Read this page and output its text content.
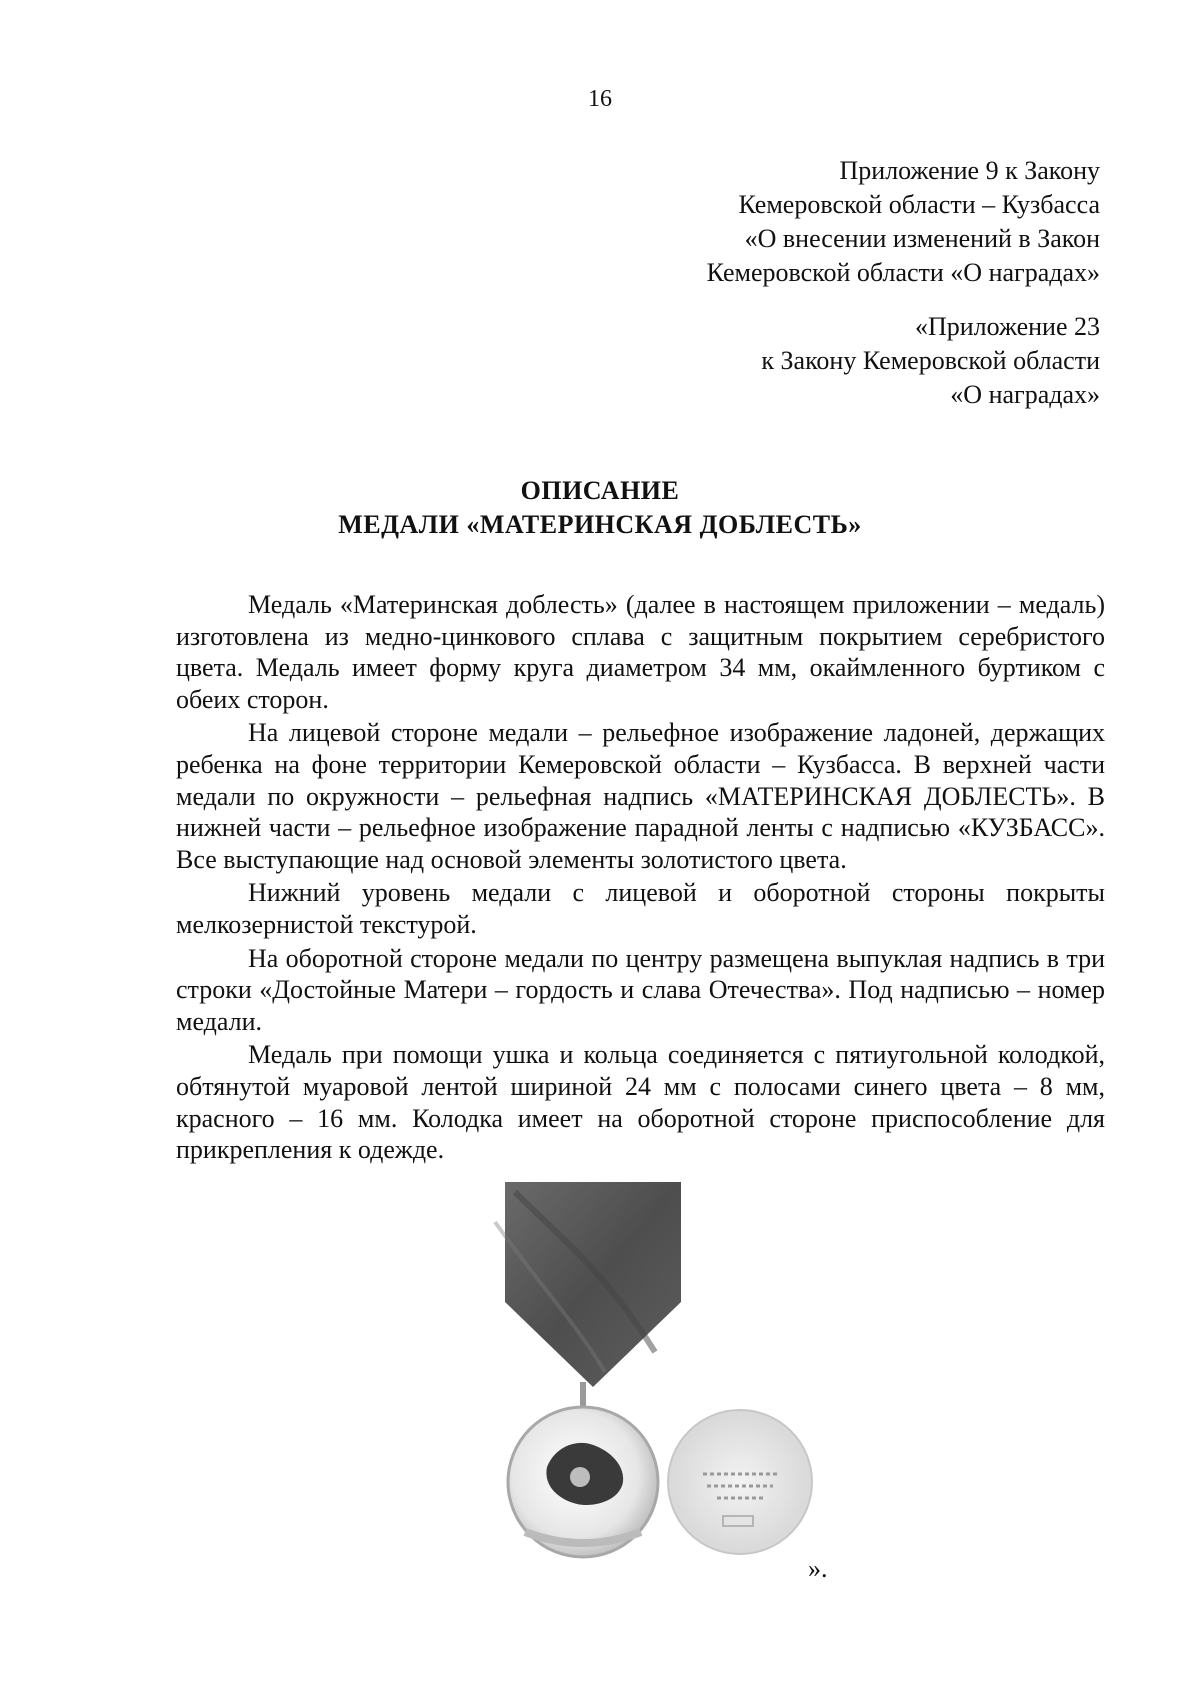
16
Приложение 9 к Закону
Кемеровской области – Кузбасса
«О внесении изменений в Закон
Кемеровской области «О наградах»
«Приложение 23
к Закону Кемеровской области
«О наградах»
ОПИСАНИЕ
МЕДАЛИ «МАТЕРИНСКАЯ ДОБЛЕСТЬ»

Медаль «Материнская доблесть» (далее в настоящем приложении – медаль) изготовлена из медно-цинкового сплава с защитным покрытием серебристого цвета. Медаль имеет форму круга диаметром 34 мм, окаймленного буртиком с обеих сторон.

На лицевой стороне медали – рельефное изображение ладоней, держащих ребенка на фоне территории Кемеровской области – Кузбасса. В верхней части медали по окружности – рельефная надпись «МАТЕРИНСКАЯ ДОБЛЕСТЬ». В нижней части – рельефное изображение парадной ленты с надписью «КУЗБАСС». Все выступающие над основой элементы золотистого цвета.

Нижний уровень медали с лицевой и оборотной стороны покрыты мелкозернистой текстурой.

На оборотной стороне медали по центру размещена выпуклая надпись в три строки «Достойные Матери – гордость и слава Отечества». Под надписью – номер медали.

Медаль при помощи ушка и кольца соединяется с пятиугольной колодкой, обтянутой муаровой лентой шириной 24 мм с полосами синего цвета – 8 мм, красного – 16 мм. Колодка имеет на оборотной стороне приспособление для прикрепления к одежде.

».
